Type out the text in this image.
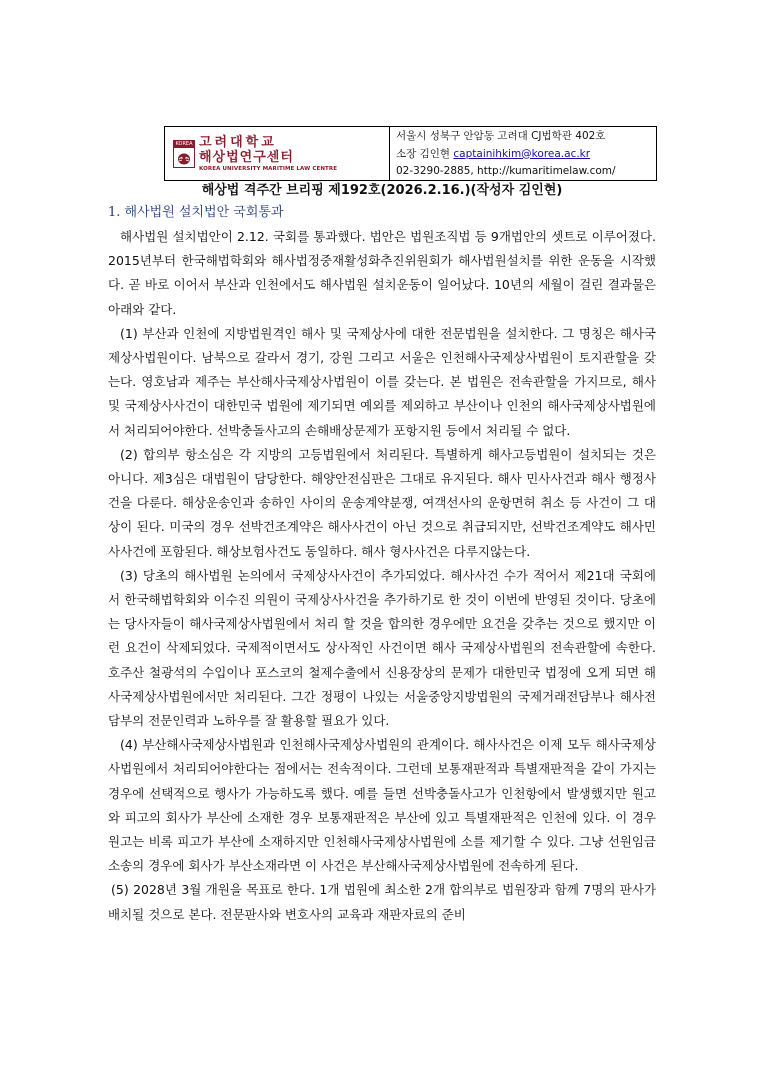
KOREA 고려대학교
해상법연구센터
KOREA UNIVERSITY MARITIME LAW CENTRE
서울시 성북구 안암동 고려대 CJ법학관 402호
소장 김인현 captainihkim@korea.ac.kr
02-3290-2885, http://kumaritimelaw.com/
해상법 격주간 브리핑 제192호(2026.2.16.)(작성자 김인현)
1. 해사법원 설치법안 국회통과

해사법원 설치법안이 2.12. 국회를 통과했다. 법안은 법원조직법 등 9개법안의 셋트로 이루어졌다. 2015년부터 한국해법학회와 해사법정중재활성화추진위원회가 해사법원설치를 위한 운동을 시작했다. 곧 바로 이어서 부산과 인천에서도 해사법원 설치운동이 일어났다. 10년의 세월이 걸린 결과물은 아래와 같다.

(1) 부산과 인천에 지방법원격인 해사 및 국제상사에 대한 전문법원을 설치한다. 그 명칭은 해사국제상사법원이다. 남북으로 갈라서 경기, 강원 그리고 서울은 인천해사국제상사법원이 토지관할을 갖는다. 영호남과 제주는 부산해사국제상사법원이 이를 갖는다. 본 법원은 전속관할을 가지므로, 해사 및 국제상사사건이 대한민국 법원에 제기되면 예외를 제외하고 부산이나 인천의 해사국제상사법원에서 처리되어야한다. 선박충돌사고의 손해배상문제가 포항지원 등에서 처리될 수 없다.

(2) 합의부 항소심은 각 지방의 고등법원에서 처리된다. 특별하게 해사고등법원이 설치되는 것은 아니다. 제3심은 대법원이 담당한다. 해양안전심판은 그대로 유지된다. 해사 민사사건과 해사 행정사건을 다룬다. 해상운송인과 송하인 사이의 운송계약분쟁, 여객선사의 운항면허 취소 등 사건이 그 대상이 된다. 미국의 경우 선박건조계약은 해사사건이 아닌 것으로 취급되지만, 선박건조계약도 해사민사사건에 포함된다. 해상보험사건도 동일하다. 해사 형사사건은 다루지않는다.

(3) 당초의 해사법원 논의에서 국제상사사건이 추가되었다. 해사사건 수가 적어서 제21대 국회에서 한국해법학회와 이수진 의원이 국제상사사건을 추가하기로 한 것이 이번에 반영된 것이다. 당초에는 당사자들이 해사국제상사법원에서 처리 할 것을 합의한 경우에만 요건을 갖추는 것으로 했지만 이런 요건이 삭제되었다. 국제적이면서도 상사적인 사건이면 해사 국제상사법원의 전속관할에 속한다. 호주산 철광석의 수입이나 포스코의 철제수출에서 신용장상의 문제가 대한민국 법정에 오게 되면 해사국제상사법원에서만 처리된다. 그간 정평이 나있는 서울중앙지방법원의 국제거래전담부나 해사전담부의 전문인력과 노하우를 잘 활용할 필요가 있다.

(4) 부산해사국제상사법원과 인천해사국제상사법원의 관계이다. 해사사건은 이제 모두 해사국제상사법원에서 처리되어야한다는 점에서는 전속적이다. 그런데 보통재판적과 특별재판적을 같이 가지는 경우에 선택적으로 행사가 가능하도록 했다. 예를 들면 선박충돌사고가 인천항에서 발생했지만 원고와 피고의 회사가 부산에 소재한 경우 보통재판적은 부산에 있고 특별재판적은 인천에 있다. 이 경우 원고는 비록 피고가 부산에 소재하지만 인천해사국제상사법원에 소를 제기할 수 있다. 그냥 선원임금 소송의 경우에 회사가 부산소재라면 이 사건은 부산해사국제상사법원에 전속하게 된다.

(5) 2028년 3월 개원을 목표로 한다. 1개 법원에 최소한 2개 합의부로 법원장과 함께 7명의 판사가 배치될 것으로 본다. 전문판사와 변호사의 교육과 재판자료의 준비
